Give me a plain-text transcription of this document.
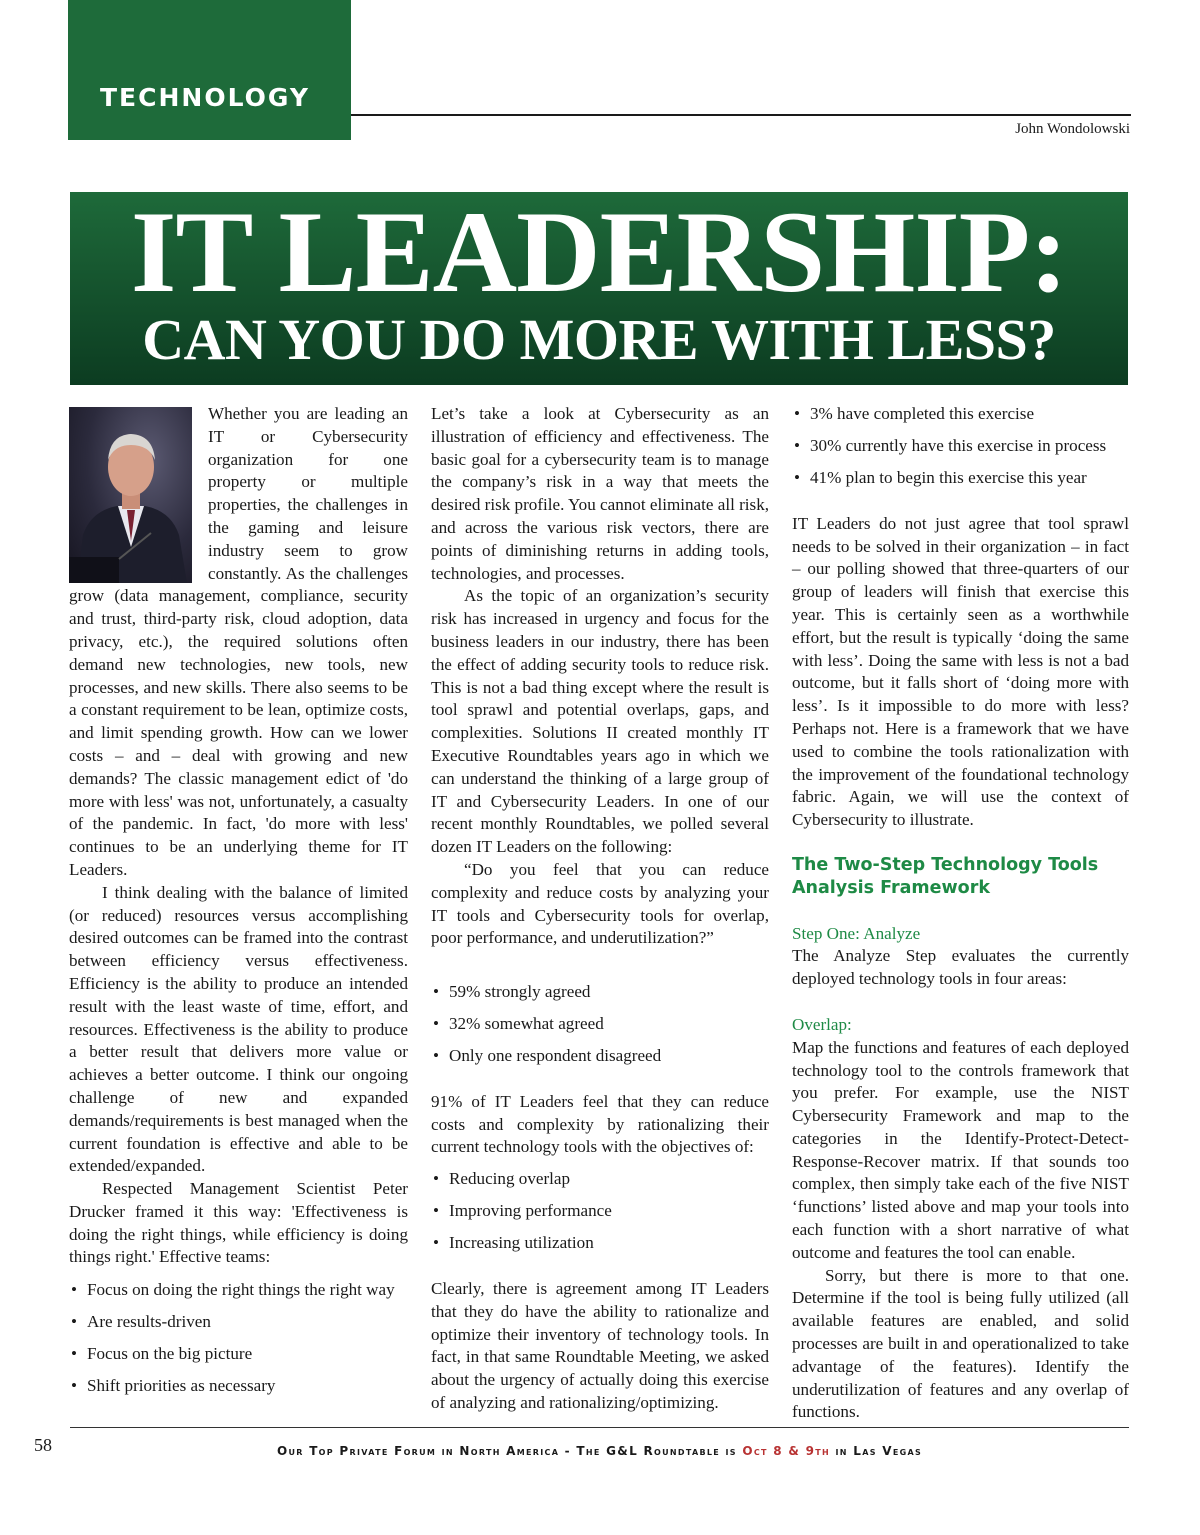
TECHNOLOGY
John Wondolowski
IT LEADERSHIP:
CAN YOU DO MORE WITH LESS?

Whether you are leading an IT or Cybersecurity organization for one property or multiple properties, the challenges in the gaming and leisure industry seem to grow constantly. As the challenges grow (data management, compliance, security and trust, third-party risk, cloud adoption, data privacy, etc.), the required solutions often demand new technologies, new tools, new processes, and new skills. There also seems to be a constant requirement to be lean, optimize costs, and limit spending growth. How can we lower costs – and – deal with growing and new demands? The classic management edict of 'do more with less' was not, unfortunately, a casualty of the pandemic. In fact, 'do more with less' continues to be an underlying theme for IT Leaders.

I think dealing with the balance of limited (or reduced) resources versus accomplishing desired outcomes can be framed into the contrast between efficiency versus effectiveness. Efficiency is the ability to produce an intended result with the least waste of time, effort, and resources. Effectiveness is the ability to produce a better result that delivers more value or achieves a better outcome. I think our ongoing challenge of new and expanded demands/requirements is best managed when the current foundation is effective and able to be extended/expanded.

Respected Management Scientist Peter Drucker framed it this way: 'Effectiveness is doing the right things, while efficiency is doing things right.' Effective teams:

• Focus on doing the right things the right way
• Are results-driven
• Focus on the big picture
• Shift priorities as necessary

Let’s take a look at Cybersecurity as an illustration of efficiency and effectiveness. The basic goal for a cybersecurity team is to manage the company’s risk in a way that meets the desired risk profile. You cannot eliminate all risk, and across the various risk vectors, there are points of diminishing returns in adding tools, technologies, and processes.

As the topic of an organization’s security risk has increased in urgency and focus for the business leaders in our industry, there has been the effect of adding security tools to reduce risk. This is not a bad thing except where the result is tool sprawl and potential overlaps, gaps, and complexities. Solutions II created monthly IT Executive Roundtables years ago in which we can understand the thinking of a large group of IT and Cybersecurity Leaders. In one of our recent monthly Roundtables, we polled several dozen IT Leaders on the following:

“Do you feel that you can reduce complexity and reduce costs by analyzing your IT tools and Cybersecurity tools for overlap, poor performance, and underutilization?”

• 59% strongly agreed
• 32% somewhat agreed
• Only one respondent disagreed

91% of IT Leaders feel that they can reduce costs and complexity by rationalizing their current technology tools with the objectives of:

• Reducing overlap
• Improving performance
• Increasing utilization

Clearly, there is agreement among IT Leaders that they do have the ability to rationalize and optimize their inventory of technology tools. In fact, in that same Roundtable Meeting, we asked about the urgency of actually doing this exercise of analyzing and rationalizing/optimizing.

• 3% have completed this exercise
• 30% currently have this exercise in process
• 41% plan to begin this exercise this year

IT Leaders do not just agree that tool sprawl needs to be solved in their organization – in fact – our polling showed that three-quarters of our group of leaders will finish that exercise this year. This is certainly seen as a worthwhile effort, but the result is typically ‘doing the same with less’. Doing the same with less is not a bad outcome, but it falls short of ‘doing more with less’. Is it impossible to do more with less? Perhaps not. Here is a framework that we have used to combine the tools rationalization with the improvement of the foundational technology fabric. Again, we will use the context of Cybersecurity to illustrate.

The Two-Step Technology Tools Analysis Framework
Step One: Analyze

The Analyze Step evaluates the currently deployed technology tools in four areas:

Overlap:

Map the functions and features of each deployed technology tool to the controls framework that you prefer. For example, use the NIST Cybersecurity Framework and map to the categories in the Identify-Protect-Detect-Response-Recover matrix. If that sounds too complex, then simply take each of the five NIST ‘functions’ listed above and map your tools into each function with a short narrative of what outcome and features the tool can enable.

Sorry, but there is more to that one. Determine if the tool is being fully utilized (all available features are enabled, and solid processes are built in and operationalized to take advantage of the features). Identify the underutilization of features and any overlap of functions.

58	Our Top Private Forum in North America - The G&L Roundtable is Oct 8 & 9th in Las Vegas
